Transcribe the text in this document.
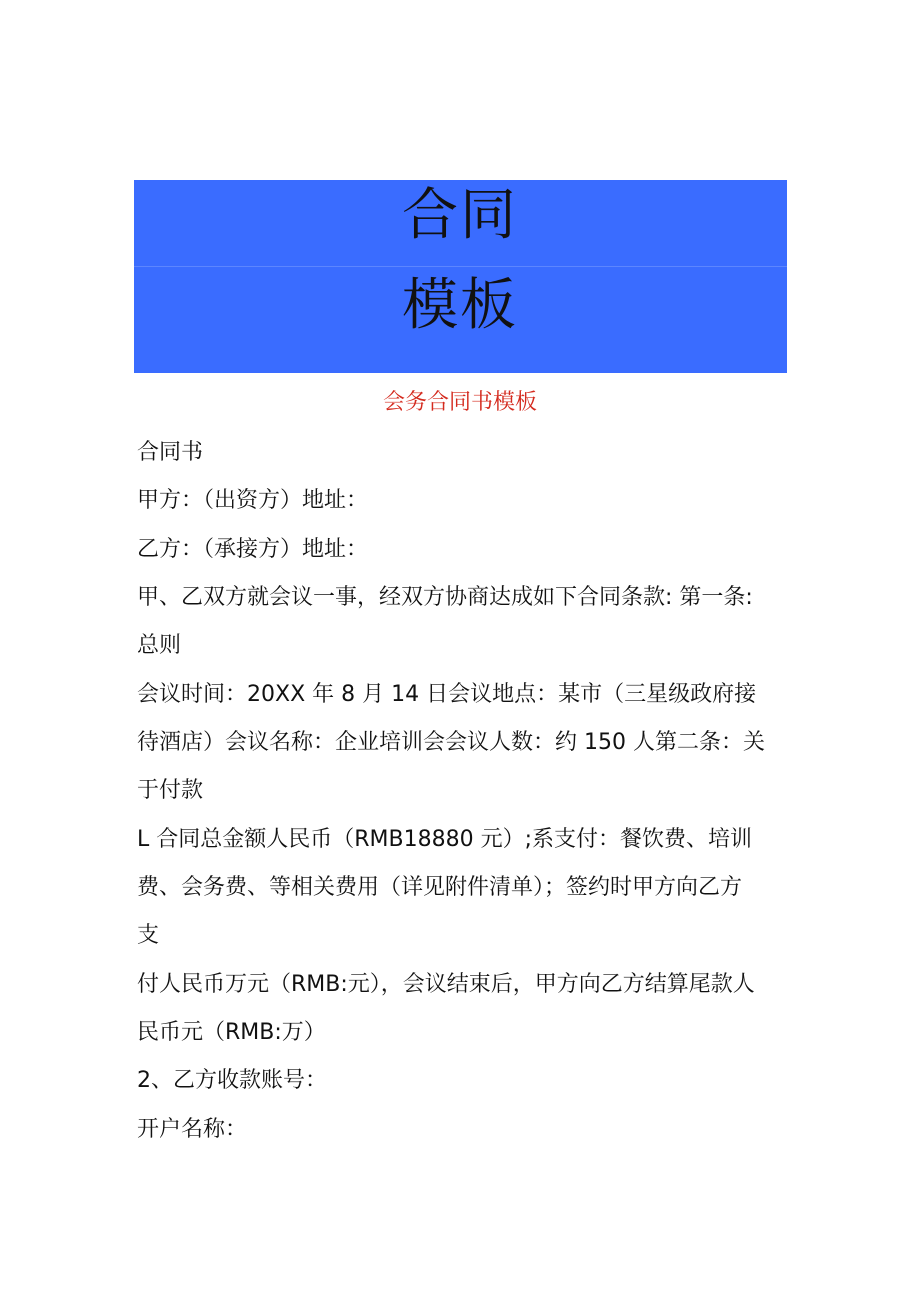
合同
模板
会务合同书模板

合同书

甲方：（出资方）地址：

乙方：（承接方）地址：

甲、乙双方就会议一事，经双方协商达成如下合同条款: 第一条:

总则

会议时间：20XX 年 8 月 14 日会议地点：某市（三星级政府接

待酒店）会议名称：企业培训会会议人数：约 150 人第二条：关

于付款

L 合同总金额人民币（RMB18880 元）;系支付：餐饮费、培训

费、会务费、等相关费用（详见附件清单）；签约时甲方向乙方

支

付人民币万元（RMB:元），会议结束后，甲方向乙方结算尾款人

民币元（RMB:万）

2、乙方收款账号：

开户名称：
